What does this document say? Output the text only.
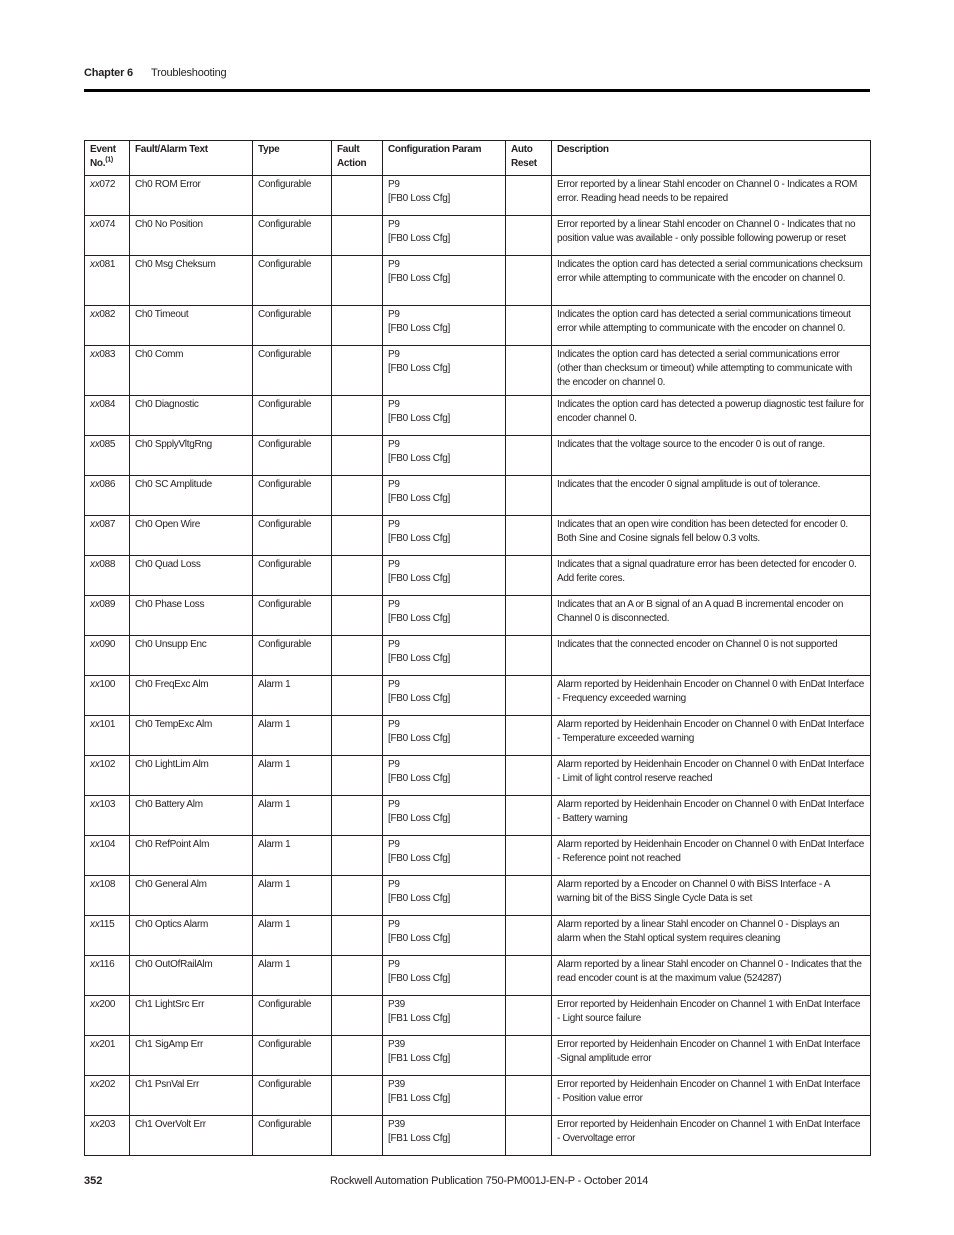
Chapter 6 Troubleshooting
Event No.$^{(1)}$	Fault/Alarm Text	Type	Fault Action	Configuration Param	Auto Reset	Description
xx072	Ch0 ROM Error	Configurable		P9
[FB0 Loss Cfg]		Error reported by a linear Stahl encoder on Channel 0 - Indicates a ROM error. Reading head needs to be repaired
xx074	Ch0 No Position	Configurable		P9
[FB0 Loss Cfg]		Error reported by a linear Stahl encoder on Channel 0 - Indicates that no position value was available - only possible following powerup or reset
xx081	Ch0 Msg Cheksum	Configurable		P9
[FB0 Loss Cfg]		Indicates the option card has detected a serial communications checksum error while attempting to communicate with the encoder on channel 0.
xx082	Ch0 Timeout	Configurable		P9
[FB0 Loss Cfg]		Indicates the option card has detected a serial communications timeout error while attempting to communicate with the encoder on channel 0.
xx083	Ch0 Comm	Configurable		P9
[FB0 Loss Cfg]		Indicates the option card has detected a serial communications error (other than checksum or timeout) while attempting to communicate with the encoder on channel 0.
xx084	Ch0 Diagnostic	Configurable		P9
[FB0 Loss Cfg]		Indicates the option card has detected a powerup diagnostic test failure for encoder channel 0.
xx085	Ch0 SpplyVltgRng	Configurable		P9
[FB0 Loss Cfg]		Indicates that the voltage source to the encoder 0 is out of range.
xx086	Ch0 SC Amplitude	Configurable		P9
[FB0 Loss Cfg]		Indicates that the encoder 0 signal amplitude is out of tolerance.
xx087	Ch0 Open Wire	Configurable		P9
[FB0 Loss Cfg]		Indicates that an open wire condition has been detected for encoder 0. Both Sine and Cosine signals fell below 0.3 volts.
xx088	Ch0 Quad Loss	Configurable		P9
[FB0 Loss Cfg]		Indicates that a signal quadrature error has been detected for encoder 0. Add ferite cores.
xx089	Ch0 Phase Loss	Configurable		P9
[FB0 Loss Cfg]		Indicates that an A or B signal of an A quad B incremental encoder on Channel 0 is disconnected.
xx090	Ch0 Unsupp Enc	Configurable		P9
[FB0 Loss Cfg]		Indicates that the connected encoder on Channel 0 is not supported
xx100	Ch0 FreqExc Alm	Alarm 1		P9
[FB0 Loss Cfg]		Alarm reported by Heidenhain Encoder on Channel 0 with EnDat Interface - Frequency exceeded warning
xx101	Ch0 TempExc Alm	Alarm 1		P9
[FB0 Loss Cfg]		Alarm reported by Heidenhain Encoder on Channel 0 with EnDat Interface - Temperature exceeded warning
xx102	Ch0 LightLim Alm	Alarm 1		P9
[FB0 Loss Cfg]		Alarm reported by Heidenhain Encoder on Channel 0 with EnDat Interface - Limit of light control reserve reached
xx103	Ch0 Battery Alm	Alarm 1		P9
[FB0 Loss Cfg]		Alarm reported by Heidenhain Encoder on Channel 0 with EnDat Interface - Battery warning
xx104	Ch0 RefPoint Alm	Alarm 1		P9
[FB0 Loss Cfg]		Alarm reported by Heidenhain Encoder on Channel 0 with EnDat Interface - Reference point not reached
xx108	Ch0 General Alm	Alarm 1		P9
[FB0 Loss Cfg]		Alarm reported by a Encoder on Channel 0 with BiSS Interface - A warning bit of the BiSS Single Cycle Data is set
xx115	Ch0 Optics Alarm	Alarm 1		P9
[FB0 Loss Cfg]		Alarm reported by a linear Stahl encoder on Channel 0 - Displays an alarm when the Stahl optical system requires cleaning
xx116	Ch0 OutOfRailAlm	Alarm 1		P9
[FB0 Loss Cfg]		Alarm reported by a linear Stahl encoder on Channel 0 - Indicates that the read encoder count is at the maximum value (524287)
xx200	Ch1 LightSrc Err	Configurable		P39
[FB1 Loss Cfg]		Error reported by Heidenhain Encoder on Channel 1 with EnDat Interface - Light source failure
xx201	Ch1 SigAmp Err	Configurable		P39
[FB1 Loss Cfg]		Error reported by Heidenhain Encoder on Channel 1 with EnDat Interface -Signal amplitude error
xx202	Ch1 PsnVal Err	Configurable		P39
[FB1 Loss Cfg]		Error reported by Heidenhain Encoder on Channel 1 with EnDat Interface - Position value error
xx203	Ch1 OverVolt Err	Configurable		P39
[FB1 Loss Cfg]		Error reported by Heidenhain Encoder on Channel 1 with EnDat Interface - Overvoltage error
352	Rockwell Automation Publication 750-PM001J-EN-P - October 2014
